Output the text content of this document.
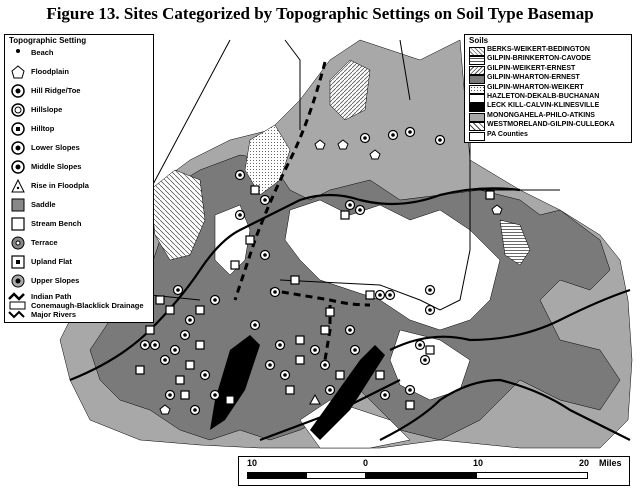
Figure 13. Sites Categorized by Topographic Settings on Soil Type Basemap
Topographic Setting
Beach
Floodplain
Hill Ridge/Toe
Hillslope
Hilltop
Lower Slopes
Middle Slopes
Rise in Floodpla
Saddle
Stream Bench
Terrace
Upland Flat
Upper Slopes
Indian Path
Conemaugh-Blacklick Drainage
Major Rivers
Soils
BERKS-WEIKERT-BEDINGTON
GILPIN-BRINKERTON-CAVODE
GILPIN-WEIKERT-ERNEST
GILPIN-WHARTON-ERNEST
GILPIN-WHARTON-WEIKERT
HAZLETON-DEKALB-BUCHANAN
LECK KILL-CALVIN-KLINESVILLE
MONONGAHELA-PHILO-ATKINS
WESTMORELAND-GILPIN-CULLEOKA
PA Counties
10	0	10	20 Miles
